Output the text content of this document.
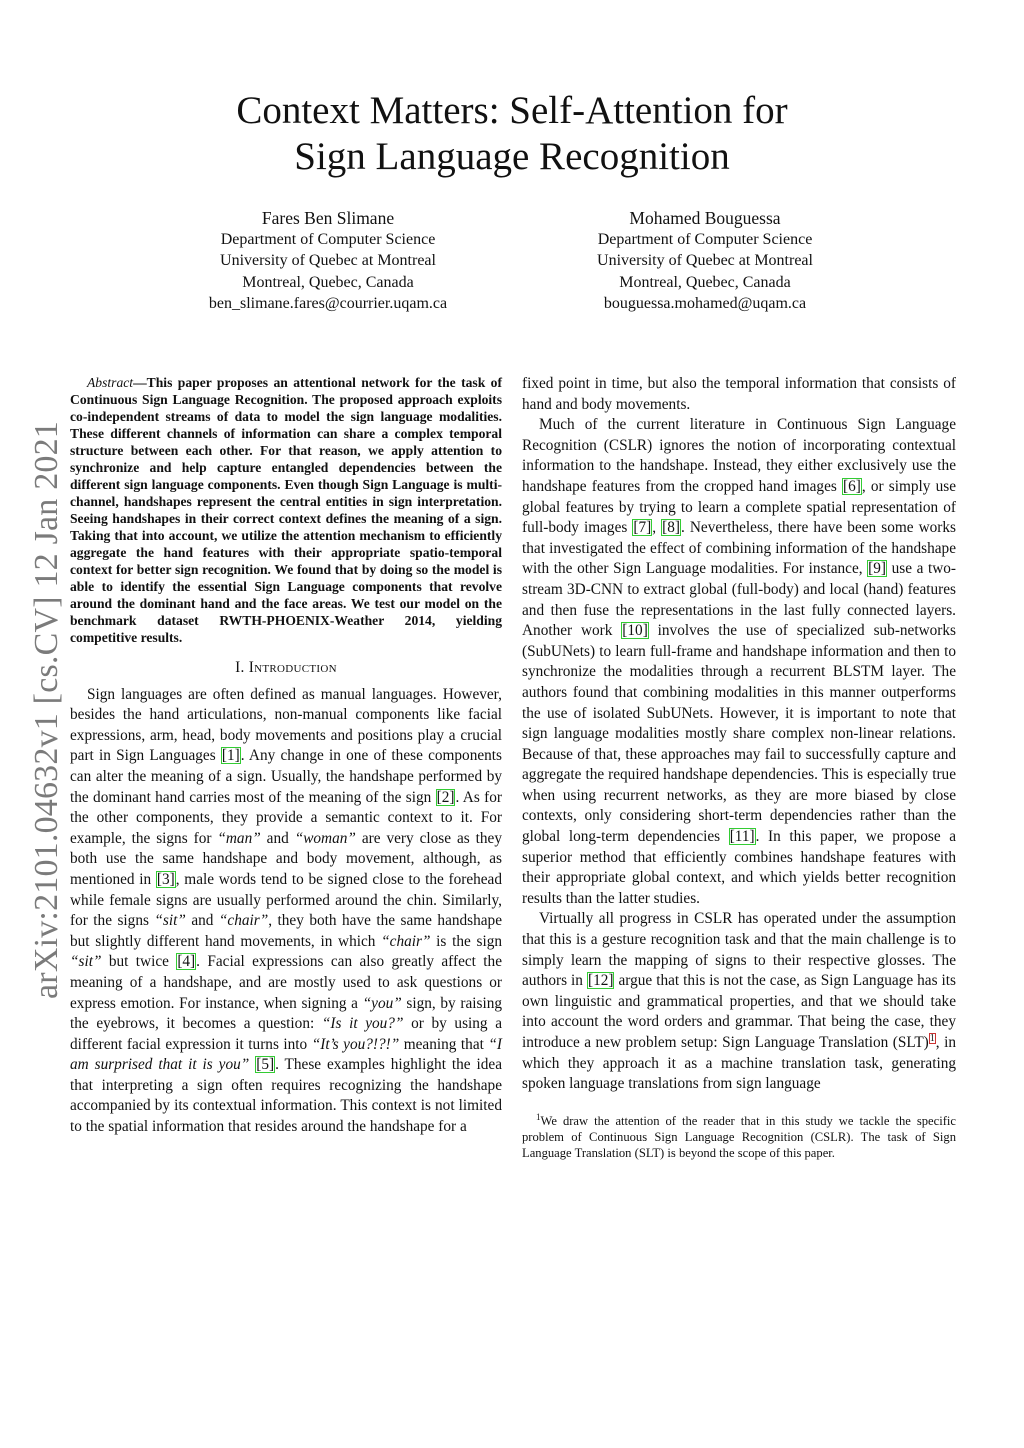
arXiv:2101.04632v1 [cs.CV] 12 Jan 2021
Context Matters: Self-Attention for
Sign Language Recognition
Fares Ben Slimane
Department of Computer Science
University of Quebec at Montreal
Montreal, Quebec, Canada
ben_slimane.fares@courrier.uqam.ca
Mohamed Bouguessa
Department of Computer Science
University of Quebec at Montreal
Montreal, Quebec, Canada
bouguessa.mohamed@uqam.ca
Abstract—This paper proposes an attentional network for the task of Continuous Sign Language Recognition. The proposed approach exploits co-independent streams of data to model the sign language modalities. These different channels of information can share a complex temporal structure between each other. For that reason, we apply attention to synchronize and help capture entangled dependencies between the different sign language components. Even though Sign Language is multi-channel, handshapes represent the central entities in sign interpretation. Seeing handshapes in their correct context defines the meaning of a sign. Taking that into account, we utilize the attention mechanism to efficiently aggregate the hand features with their appropriate spatio-temporal context for better sign recognition. We found that by doing so the model is able to identify the essential Sign Language components that revolve around the dominant hand and the face areas. We test our model on the benchmark dataset RWTH-PHOENIX-Weather 2014, yielding competitive results.
I. Introduction

Sign languages are often defined as manual languages. However, besides the hand articulations, non-manual components like facial expressions, arm, head, body movements and positions play a crucial part in Sign Languages [1]. Any change in one of these components can alter the meaning of a sign. Usually, the handshape performed by the dominant hand carries most of the meaning of the sign [2]. As for the other components, they provide a semantic context to it. For example, the signs for “man” and “woman” are very close as they both use the same handshape and body movement, although, as mentioned in [3], male words tend to be signed close to the forehead while female signs are usually performed around the chin. Similarly, for the signs “sit” and “chair”, they both have the same handshape but slightly different hand movements, in which “chair” is the sign “sit” but twice [4]. Facial expressions can also greatly affect the meaning of a handshape, and are mostly used to ask questions or express emotion. For instance, when signing a “you” sign, by raising the eyebrows, it becomes a question: “Is it you?” or by using a different facial expression it turns into “It’s you?!?!” meaning that “I am surprised that it is you” [5]. These examples highlight the idea that interpreting a sign often requires recognizing the handshape accompanied by its contextual information. This context is not limited to the spatial information that resides around the handshape for a

fixed point in time, but also the temporal information that consists of hand and body movements.

Much of the current literature in Continuous Sign Language Recognition (CSLR) ignores the notion of incorporating contextual information to the handshape. Instead, they either exclusively use the handshape features from the cropped hand images [6], or simply use global features by trying to learn a complete spatial representation of full-body images [7], [8]. Nevertheless, there have been some works that investigated the effect of combining information of the handshape with the other Sign Language modalities. For instance, [9] use a two-stream 3D-CNN to extract global (full-body) and local (hand) features and then fuse the representations in the last fully connected layers. Another work [10] involves the use of specialized sub-networks (SubUNets) to learn full-frame and handshape information and then to synchronize the modalities through a recurrent BLSTM layer. The authors found that combining modalities in this manner outperforms the use of isolated SubUNets. However, it is important to note that sign language modalities mostly share complex non-linear relations. Because of that, these approaches may fail to successfully capture and aggregate the required handshape dependencies. This is especially true when using recurrent networks, as they are more biased by close contexts, only considering short-term dependencies rather than the global long-term dependencies [11]. In this paper, we propose a superior method that efficiently combines handshape features with their appropriate global context, and which yields better recognition results than the latter studies.

Virtually all progress in CSLR has operated under the assumption that this is a gesture recognition task and that the main challenge is to simply learn the mapping of signs to their respective glosses. The authors in [12] argue that this is not the case, as Sign Language has its own linguistic and grammatical properties, and that we should take into account the word orders and grammar. That being the case, they introduce a new problem setup: Sign Language Translation (SLT)$^1$, in which they approach it as a machine translation task, generating spoken language translations from sign language

$^1$We draw the attention of the reader that in this study we tackle the specific problem of Continuous Sign Language Recognition (CSLR). The task of Sign Language Translation (SLT) is beyond the scope of this paper.
